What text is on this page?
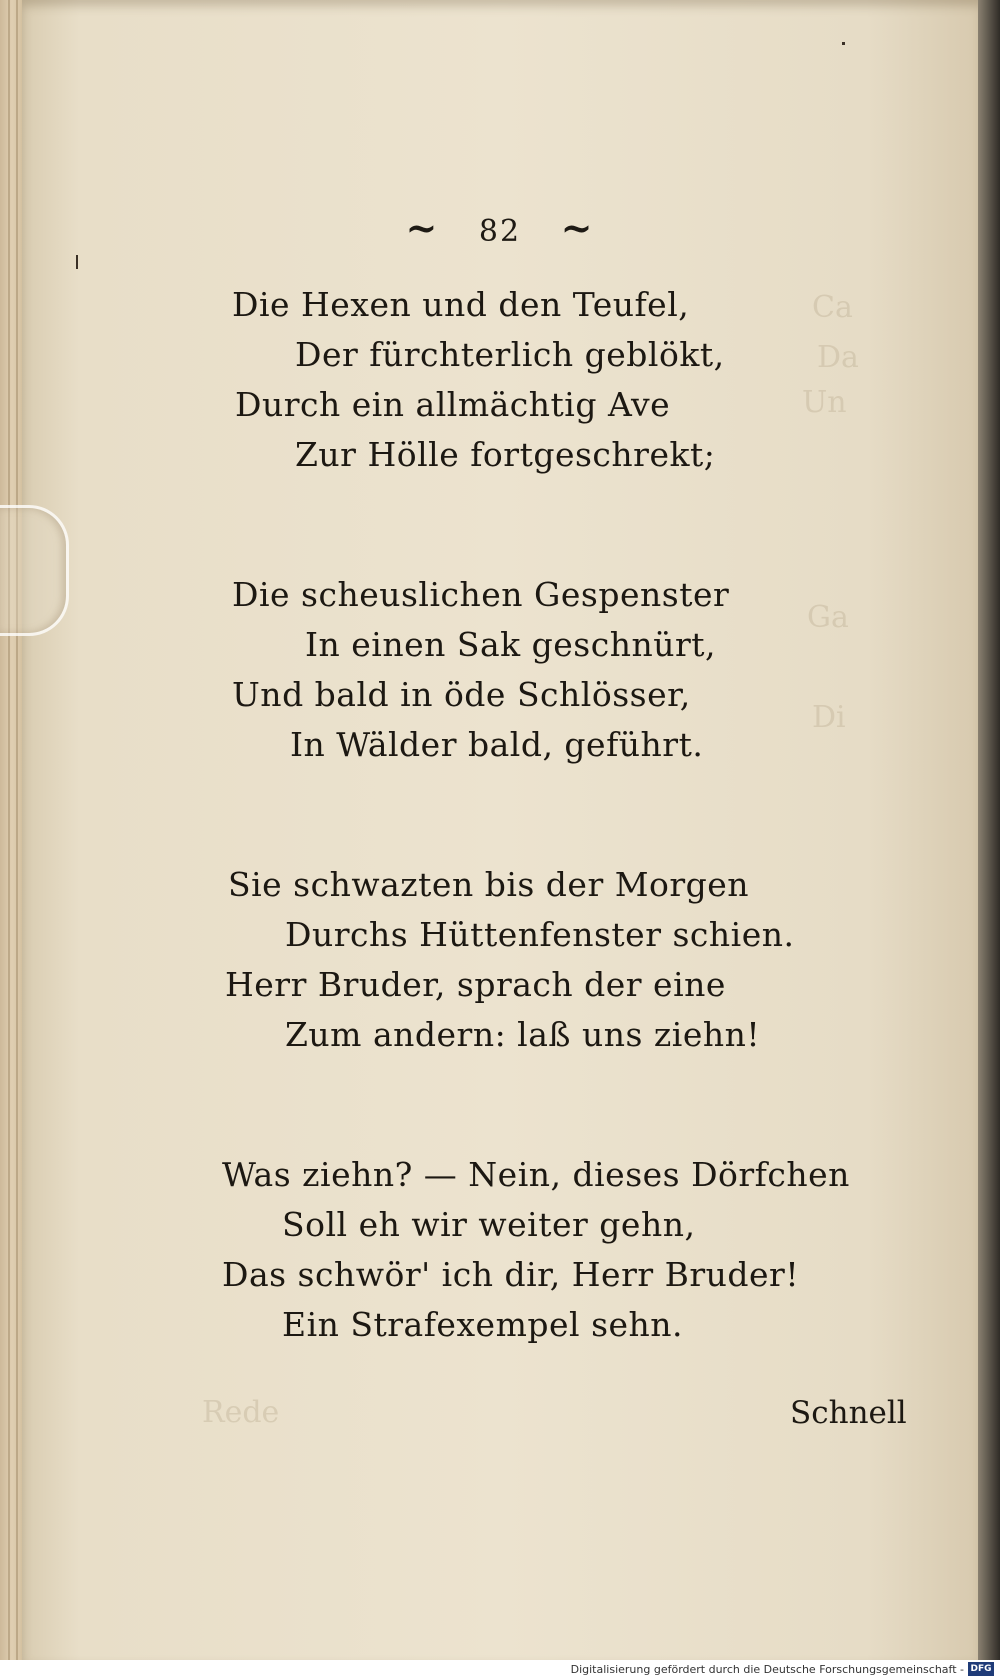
Ca
Da
Un
Ga
Di
Rede
~ 82 ~
Die Hexen und den Teufel,
Der fürchterlich geblökt,
Durch ein allmächtig Ave
Zur Hölle fortgeschrekt;
Die scheuslichen Gespenster
In einen Sak geschnürt,
Und bald in öde Schlösser,
In Wälder bald, geführt.
Sie schwazten bis der Morgen
Durchs Hüttenfenster schien.
Herr Bruder, sprach der eine
Zum andern: laß uns ziehn!
Was ziehn? — Nein, dieses Dörfchen
Soll eh wir weiter gehn,
Das schwör' ich dir, Herr Bruder!
Ein Strafexempel sehn.
Schnell
Digitalisierung gefördert durch die Deutsche Forschungsgemeinschaft - DFG
